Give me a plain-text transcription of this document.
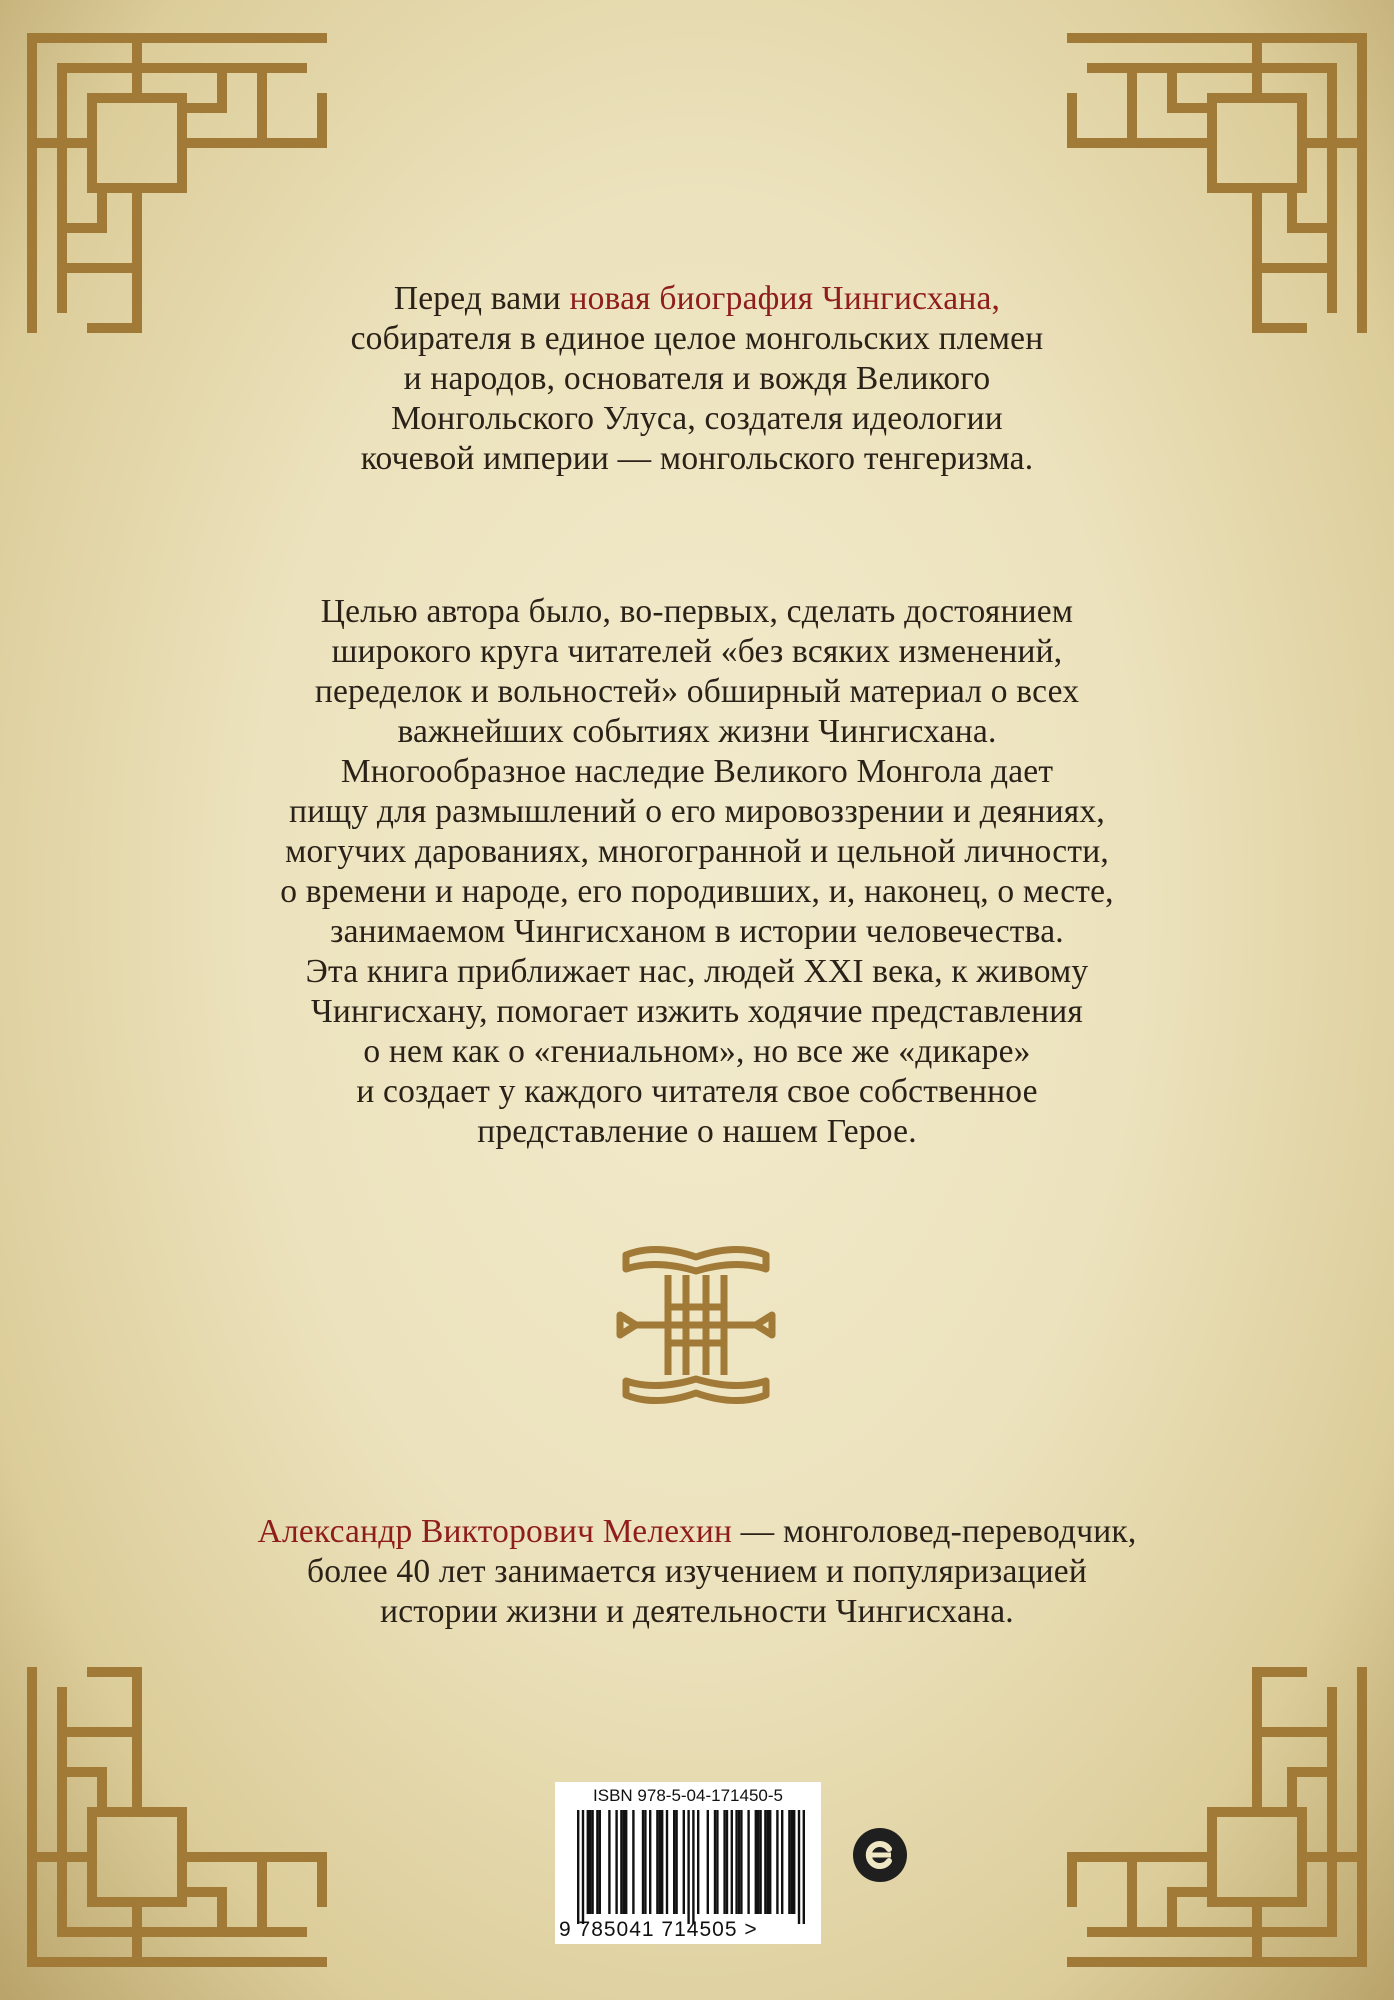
Перед вами новая биография Чингисхана,
собирателя в единое целое монгольских племен
и народов, основателя и вождя Великого
Монгольского Улуса, создателя идеологии
кочевой империи — монгольского тенгеризма.
Целью автора было, во-первых, сделать достоянием
широкого круга читателей «без всяких изменений,
переделок и вольностей» обширный материал о всех
важнейших событиях жизни Чингисхана.
Многообразное наследие Великого Монгола дает
пищу для размышлений о его мировоззрении и деяниях,
могучих дарованиях, многогранной и цельной личности,
о времени и народе, его породивших, и, наконец, о месте,
занимаемом Чингисханом в истории человечества.
Эта книга приближает нас, людей XXI века, к живому
Чингисхану, помогает изжить ходячие представления
о нем как о «гениальном», но все же «дикаре»
и создает у каждого читателя свое собственное
представление о нашем Герое.
Александр Викторович Мелехин — монголовед-переводчик,
более 40 лет занимается изучением и популяризацией
истории жизни и деятельности Чингисхана.
ISBN 978-5-04-171450-5
9 785041 714505 >
